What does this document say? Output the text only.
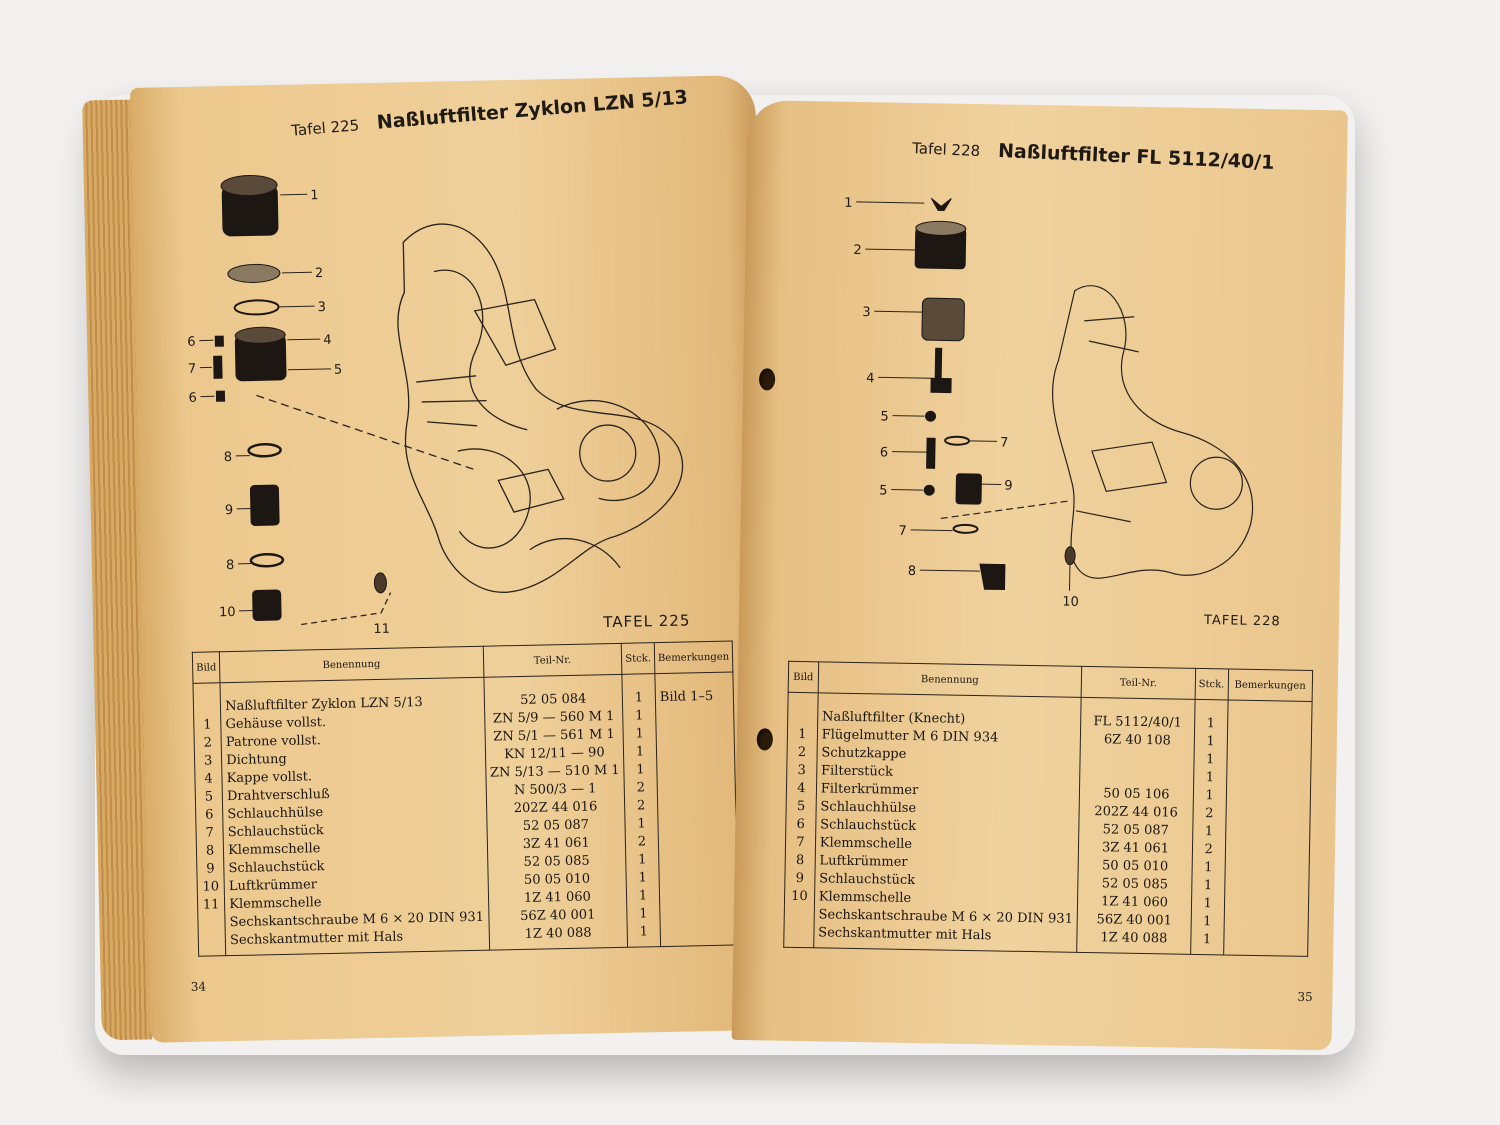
Tafel 225 Naßluftfilter Zyklon LZN 5/13
1
2
3
4
5
6
7
6
8
9
8
10
11	TAFEL 225
Bild	Benennung	Teil-Nr.	Stck.	Bemerkungen
	Naßluftfilter Zyklon LZN 5/13	52 05 084	1	Bild 1–5
1	Gehäuse vollst.	ZN 5/9 — 560 M 1	1	
2	Patrone vollst.	ZN 5/1 — 561 M 1	1	
3	Dichtung	KN 12/11 — 90	1	
4	Kappe vollst.	ZN 5/13 — 510 M 1	1	
5	Drahtverschluß	N 500/3 — 1	2	
6	Schlauchhülse	202Z 44 016	2	
7	Schlauchstück	52 05 087	1	
8	Klemmschelle	3Z 41 061	2	
9	Schlauchstück	52 05 085	1	
10	Luftkrümmer	50 05 010	1	
11	Klemmschelle	1Z 41 060	1	
	Sechskantschraube M 6 × 20 DIN 931	56Z 40 001	1	
	Sechskantmutter mit Hals	1Z 40 088	1	
34
Tafel 228 Naßluftfilter FL 5112/40/1
1
2
3
4
5
6
5
7
7
8
9
10
TAFEL 228
Bild	Benennung	Teil-Nr.	Stck.	Bemerkungen
	Naßluftfilter (Knecht)	FL 5112/40/1	1	
1	Flügelmutter M 6 DIN 934	6Z 40 108	1	
2	Schutzkappe		1	
3	Filterstück		1	
4	Filterkrümmer	50 05 106	1	
5	Schlauchhülse	202Z 44 016	2	
6	Schlauchstück	52 05 087	1	
7	Klemmschelle	3Z 41 061	2	
8	Luftkrümmer	50 05 010	1	
9	Schlauchstück	52 05 085	1	
10	Klemmschelle	1Z 41 060	1	
	Sechskantschraube M 6 × 20 DIN 931	56Z 40 001	1	
	Sechskantmutter mit Hals	1Z 40 088	1	
35
